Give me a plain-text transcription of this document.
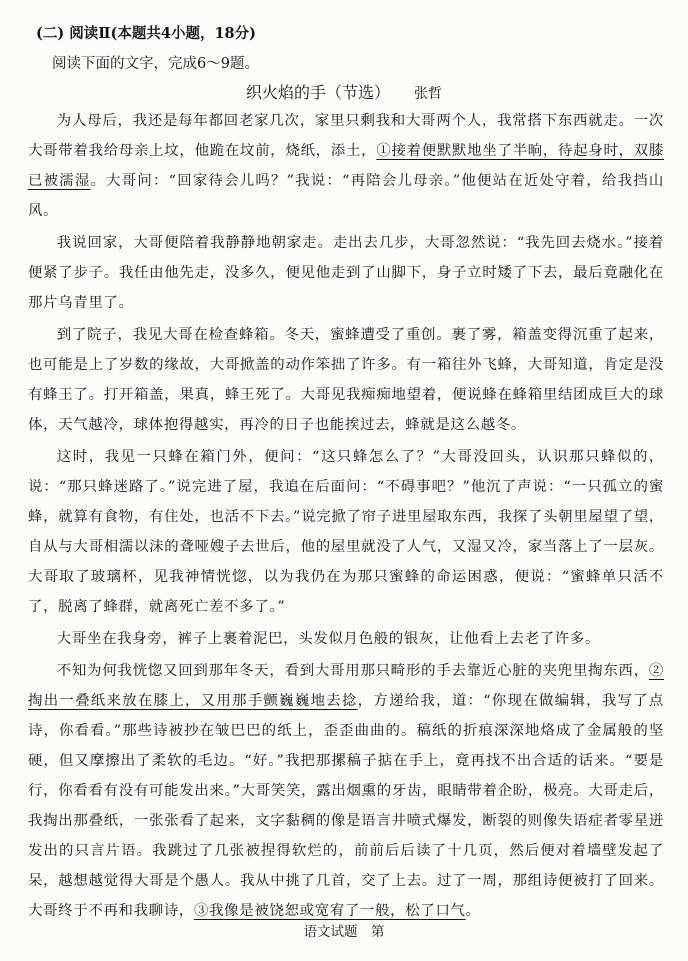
(二) 阅读Ⅱ(本题共4小题，18分)
阅读下面的文字，完成6～9题。
织火焰的手（节选） 张哲

为人母后，我还是每年都回老家几次，家里只剩我和大哥两个人，我常搭下东西就走。一次大哥带着我给母亲上坟，他跪在坟前，烧纸，添土，①接着便默默地坐了半晌，待起身时，双膝已被濡湿。大哥问：“回家待会儿吗？”我说：“再陪会儿母亲。”他便站在近处守着，给我挡山风。

我说回家，大哥便陪着我静静地朝家走。走出去几步，大哥忽然说：“我先回去烧水。”接着便紧了步子。我任由他先走，没多久，便见他走到了山脚下，身子立时矮了下去，最后竟融化在那片乌青里了。

到了院子，我见大哥在检查蜂箱。冬天，蜜蜂遭受了重创。裹了雾，箱盖变得沉重了起来，也可能是上了岁数的缘故，大哥掀盖的动作笨拙了许多。有一箱往外飞蜂，大哥知道，肯定是没有蜂王了。打开箱盖，果真，蜂王死了。大哥见我痴痴地望着，便说蜂在蜂箱里结团成巨大的球体，天气越冷，球体抱得越实，再冷的日子也能挨过去，蜂就是这么越冬。

这时，我见一只蜂在箱门外，便问：“这只蜂怎么了？”大哥没回头，认识那只蜂似的，说：“那只蜂迷路了。”说完进了屋，我追在后面问：“不碍事吧？”他沉了声说：“一只孤立的蜜蜂，就算有食物，有住处，也活不下去。”说完掀了帘子进里屋取东西，我探了头朝里屋望了望，自从与大哥相濡以沫的聋哑嫂子去世后，他的屋里就没了人气，又湿又冷，家当落上了一层灰。大哥取了玻璃杯，见我神情恍惚，以为我仍在为那只蜜蜂的命运困惑，便说：“蜜蜂单只活不了，脱离了蜂群，就离死亡差不多了。”

大哥坐在我身旁，裤子上裹着泥巴，头发似月色般的银灰，让他看上去老了许多。

不知为何我恍惚又回到那年冬天，看到大哥用那只畸形的手去靠近心脏的夹兜里掏东西，②掏出一叠纸来放在膝上，又用那手颤巍巍地去捻，方递给我，道：“你现在做编辑，我写了点诗，你看看。”那些诗被抄在皱巴巴的纸上，歪歪曲曲的。稿纸的折痕深深地烙成了金属般的坚硬，但又摩擦出了柔软的毛边。“好。”我把那摞稿子掂在手上，竟再找不出合适的话来。“要是行，你看看有没有可能发出来。”大哥笑笑，露出烟熏的牙齿，眼睛带着企盼，极亮。大哥走后，我掏出那叠纸，一张张看了起来，文字黏稠的像是语言井喷式爆发，断裂的则像失语症者零星迸发出的只言片语。我跳过了几张被捏得软烂的，前前后后读了十几页，然后便对着墙壁发起了呆，越想越觉得大哥是个愚人。我从中挑了几首，交了上去。过了一周，那组诗便被打了回来。大哥终于不再和我聊诗，③我像是被饶恕或宽宥了一般，松了口气。

语文试题　第
